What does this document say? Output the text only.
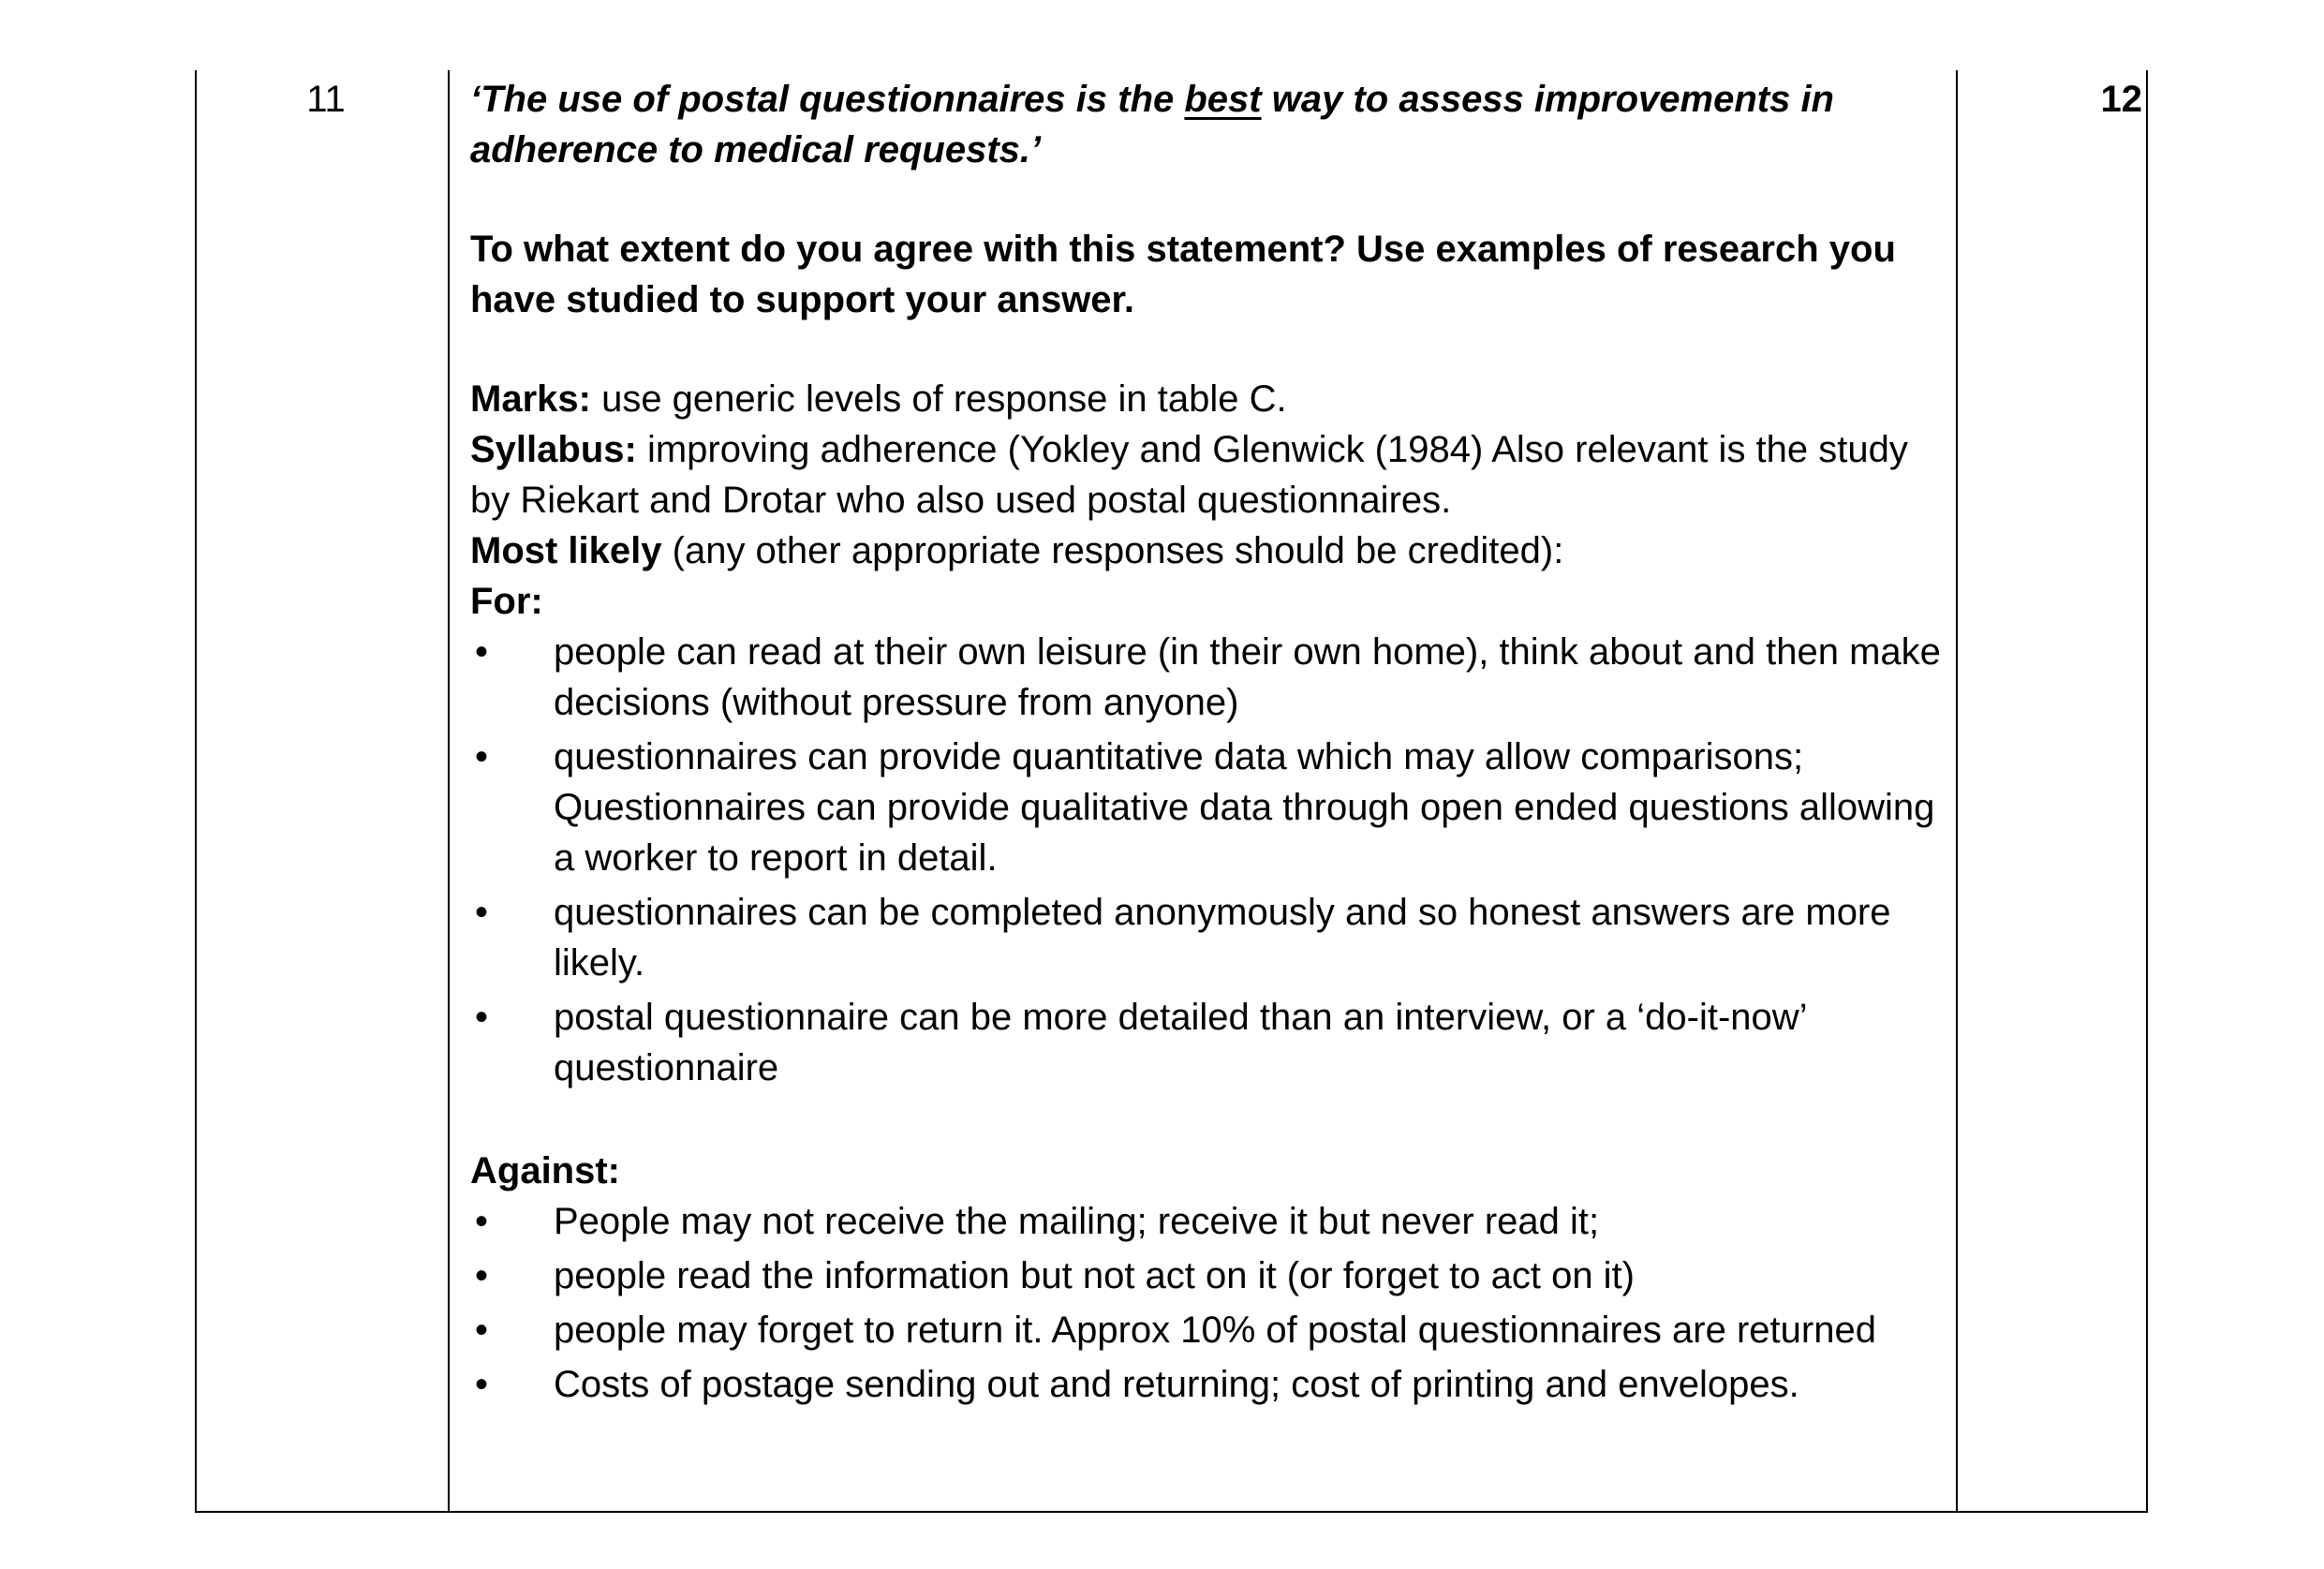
11	‘The use of postal questionnaires is the best way to assess improvements in adherence to medical requests.’

To what extent do you agree with this statement? Use examples of research you have studied to support your answer.

Marks: use generic levels of response in table C.

Syllabus: improving adherence (Yokley and Glenwick (1984) Also relevant is the study by Riekart and Drotar who also used postal questionnaires.

Most likely (any other appropriate responses should be credited):

For:

• people can read at their own leisure (in their own home), think about and then make decisions (without pressure from anyone)
• questionnaires can provide quantitative data which may allow comparisons; Questionnaires can provide qualitative data through open ended questions allowing a worker to report in detail.
• questionnaires can be completed anonymously and so honest answers are more likely.
• postal questionnaire can be more detailed than an interview, or a ‘do-it-now’ questionnaire

Against:

• People may not receive the mailing; receive it but never read it;
• people read the information but not act on it (or forget to act on it)
• people may forget to return it. Approx 10% of postal questionnaires are returned
• Costs of postage sending out and returning; cost of printing and envelopes.
12
